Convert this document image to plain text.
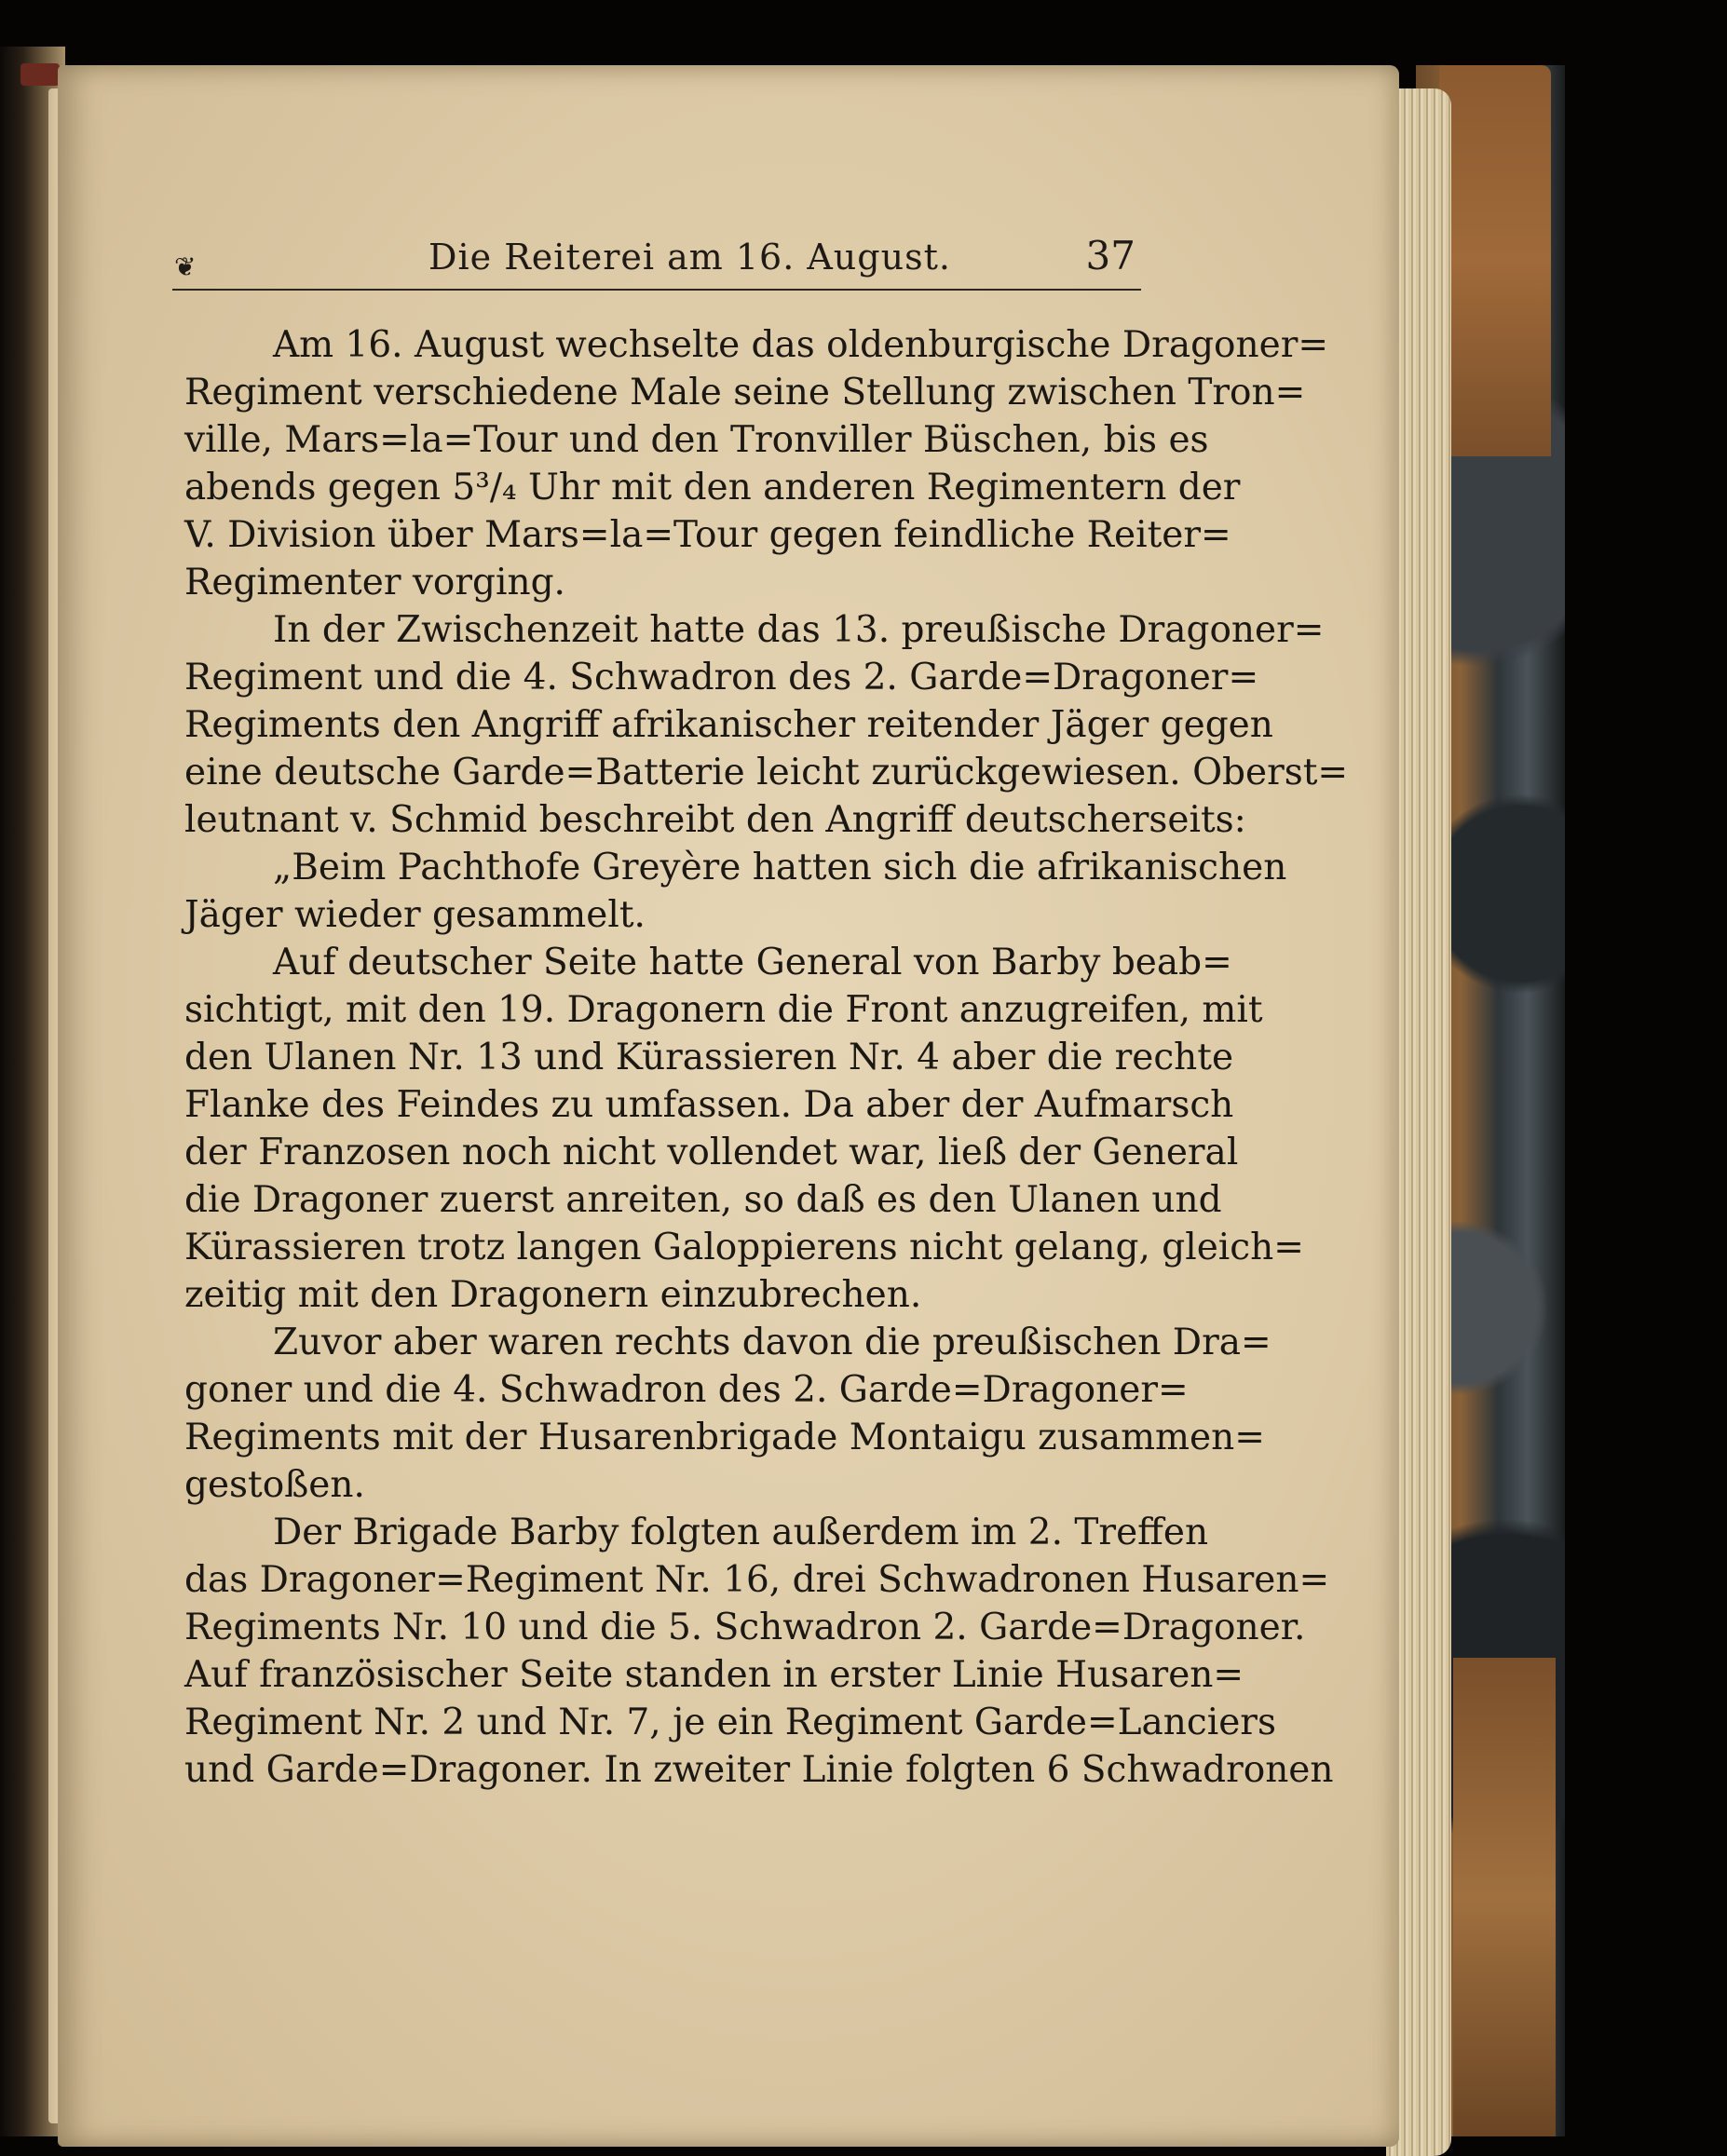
❦	Die Reiterei am 16. August.	37
Am 16. August wechselte das oldenburgische Dragoner=
Regiment verschiedene Male seine Stellung zwischen Tron=
ville, Mars=la=Tour und den Tronviller Büschen, bis es
abends gegen 5³/₄ Uhr mit den anderen Regimentern der
V. Division über Mars=la=Tour gegen feindliche Reiter=
Regimenter vorging.
In der Zwischenzeit hatte das 13. preußische Dragoner=
Regiment und die 4. Schwadron des 2. Garde=Dragoner=
Regiments den Angriff afrikanischer reitender Jäger gegen
eine deutsche Garde=Batterie leicht zurückgewiesen. Oberst=
leutnant v. Schmid beschreibt den Angriff deutscherseits:
„Beim Pachthofe Greyère hatten sich die afrikanischen
Jäger wieder gesammelt.
Auf deutscher Seite hatte General von Barby beab=
sichtigt, mit den 19. Dragonern die Front anzugreifen, mit
den Ulanen Nr. 13 und Kürassieren Nr. 4 aber die rechte
Flanke des Feindes zu umfassen. Da aber der Aufmarsch
der Franzosen noch nicht vollendet war, ließ der General
die Dragoner zuerst anreiten, so daß es den Ulanen und
Kürassieren trotz langen Galoppierens nicht gelang, gleich=
zeitig mit den Dragonern einzubrechen.
Zuvor aber waren rechts davon die preußischen Dra=
goner und die 4. Schwadron des 2. Garde=Dragoner=
Regiments mit der Husarenbrigade Montaigu zusammen=
gestoßen.
Der Brigade Barby folgten außerdem im 2. Treffen
das Dragoner=Regiment Nr. 16, drei Schwadronen Husaren=
Regiments Nr. 10 und die 5. Schwadron 2. Garde=Dragoner.
Auf französischer Seite standen in erster Linie Husaren=
Regiment Nr. 2 und Nr. 7, je ein Regiment Garde=Lanciers
und Garde=Dragoner. In zweiter Linie folgten 6 Schwadronen
